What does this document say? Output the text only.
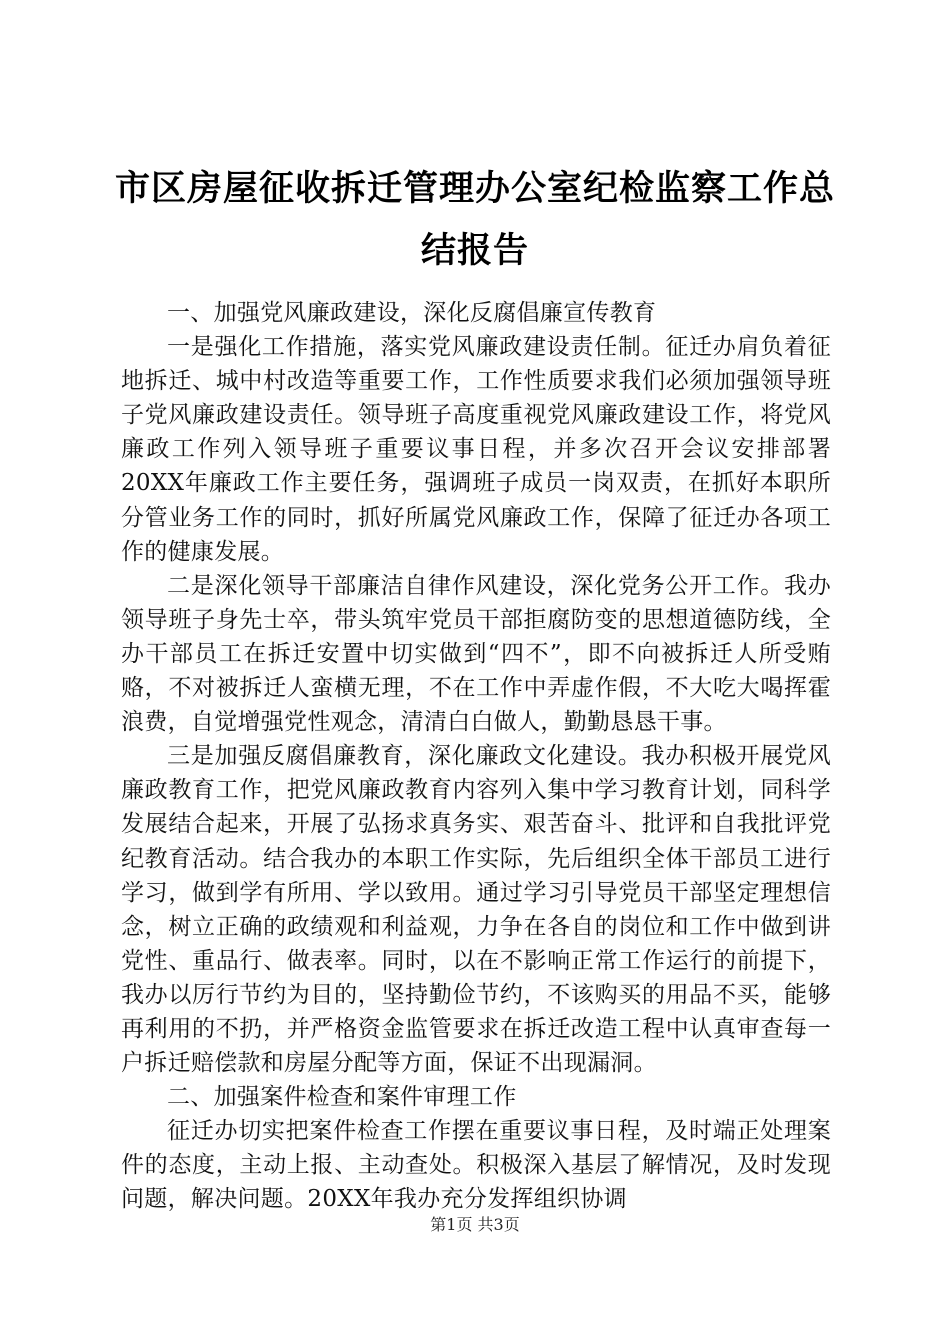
市区房屋征收拆迁管理办公室纪检监察工作总结报告

一、加强党风廉政建设，深化反腐倡廉宣传教育

一是强化工作措施，落实党风廉政建设责任制。征迁办肩负着征地拆迁、城中村改造等重要工作，工作性质要求我们必须加强领导班子党风廉政建设责任。领导班子高度重视党风廉政建设工作，将党风廉政工作列入领导班子重要议事日程，并多次召开会议安排部署20XX年廉政工作主要任务，强调班子成员一岗双责，在抓好本职所分管业务工作的同时，抓好所属党风廉政工作，保障了征迁办各项工作的健康发展。

二是深化领导干部廉洁自律作风建设，深化党务公开工作。我办领导班子身先士卒，带头筑牢党员干部拒腐防变的思想道德防线，全办干部员工在拆迁安置中切实做到“四不”，即不向被拆迁人所受贿赂，不对被拆迁人蛮横无理，不在工作中弄虚作假，不大吃大喝挥霍浪费，自觉增强党性观念，清清白白做人，勤勤恳恳干事。

三是加强反腐倡廉教育，深化廉政文化建设。我办积极开展党风廉政教育工作，把党风廉政教育内容列入集中学习教育计划，同科学发展结合起来，开展了弘扬求真务实、艰苦奋斗、批评和自我批评党纪教育活动。结合我办的本职工作实际，先后组织全体干部员工进行学习，做到学有所用、学以致用。通过学习引导党员干部坚定理想信念，树立正确的政绩观和利益观，力争在各自的岗位和工作中做到讲党性、重品行、做表率。同时，以在不影响正常工作运行的前提下，我办以厉行节约为目的，坚持勤俭节约，不该购买的用品不买，能够再利用的不扔，并严格资金监管要求在拆迁改造工程中认真审查每一户拆迁赔偿款和房屋分配等方面，保证不出现漏洞。

二、加强案件检查和案件审理工作

征迁办切实把案件检查工作摆在重要议事日程，及时端正处理案件的态度，主动上报、主动查处。积极深入基层了解情况，及时发现问题，解决问题。20XX年我办充分发挥组织协调

第1页 共3页
